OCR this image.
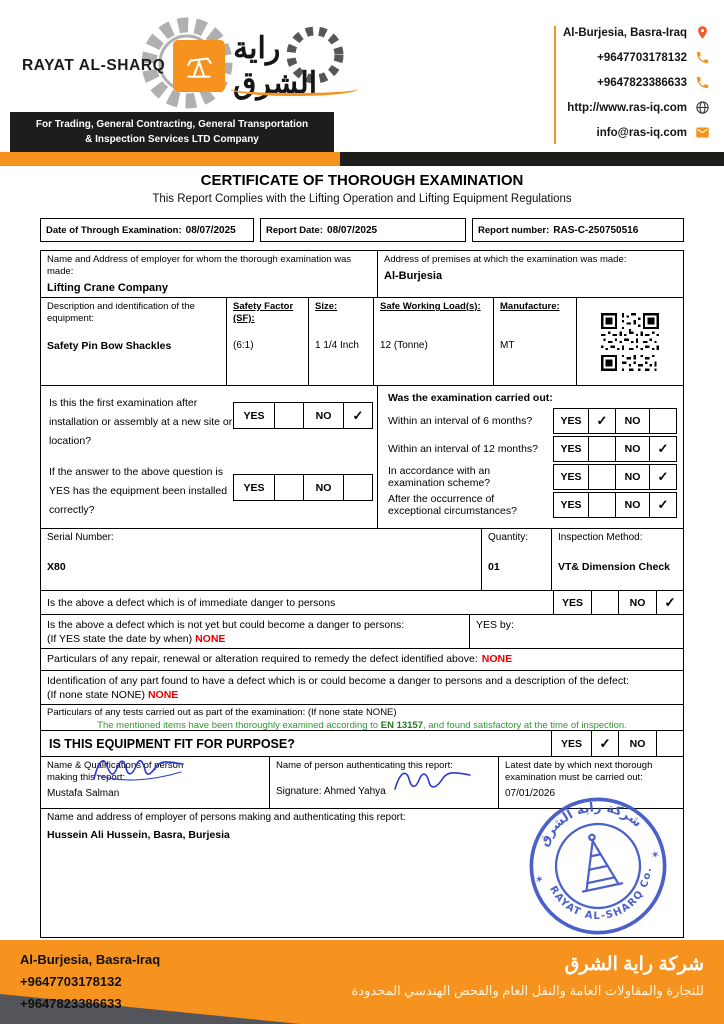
RAYAT AL-SHARQ
راية الشرق
For Trading, General Contracting, General Transportation
& Inspection Services LTD Company
Al-Burjesia, Basra-Iraq
+9647703178132
+9647823386633
http://www.ras-iq.com
info@ras-iq.com
CERTIFICATE OF THOROUGH EXAMINATION
This Report Complies with the Lifting Operation and Lifting Equipment Regulations
Date of Through Examination: 08/07/2025	Report Date: 08/07/2025	Report number: RAS-C-250750516
Name and Address of employer for whom the thorough examination was made:
Lifting Crane Company
Address of premises at which the examination was made:
Al-Burjesia
Description and identification of the equipment:
Safety Pin Bow Shackles
Safety Factor (SF):
(6:1)
Size:
1 1/4 Inch
Safe Working Load(s):
12 (Tonne)
Manufacture:
MT
Is this the first examination after installation or assembly at a new site or location?
YES	NO	✓
If the answer to the above question is YES has the equipment been installed correctly?
YES	NO
Was the examination carried out:
Within an interval of 6 months?	YES	✓	NO
Within an interval of 12 months?	YES	NO	✓
In accordance with an examination scheme?	YES	NO	✓
After the occurrence of exceptional circumstances?	YES	NO	✓
Serial Number:
X80
Quantity:
01
Inspection Method:
VT& Dimension Check
Is the above a defect which is of immediate danger to persons	YES	NO	✓
Is the above a defect which is not yet but could become a danger to persons:
(If YES state the date by when) NONE
YES by:
Particulars of any repair, renewal or alteration required to remedy the defect identified above: NONE
Identification of any part found to have a defect which is or could become a danger to persons and a description of the defect:
(If none state NONE) NONE
Particulars of any tests carried out as part of the examination: (If none state NONE)
The mentioned items have been thoroughly examined according to EN 13157, and found satisfactory at the time of inspection.
IS THIS EQUIPMENT FIT FOR PURPOSE?	YES	✓	NO
Name & Qualifications of person making this report:
Mustafa Salman
Name of person authenticating this report:
Signature: Ahmed Yahya
Latest date by which next thorough examination must be carried out:
07/01/2026
Name and address of employer of persons making and authenticating this report:
Hussein Ali Hussein, Basra, Burjesia	شركة راية الشرق
RAYAT AL-SHARQ Co.
✶
✶
Al-Burjesia, Basra-Iraq
+9647703178132
+9647823386633
شركة راية الشرق
للتجارة والمقاولات العامة والنقل العام والفحص الهندسي المحدودة
